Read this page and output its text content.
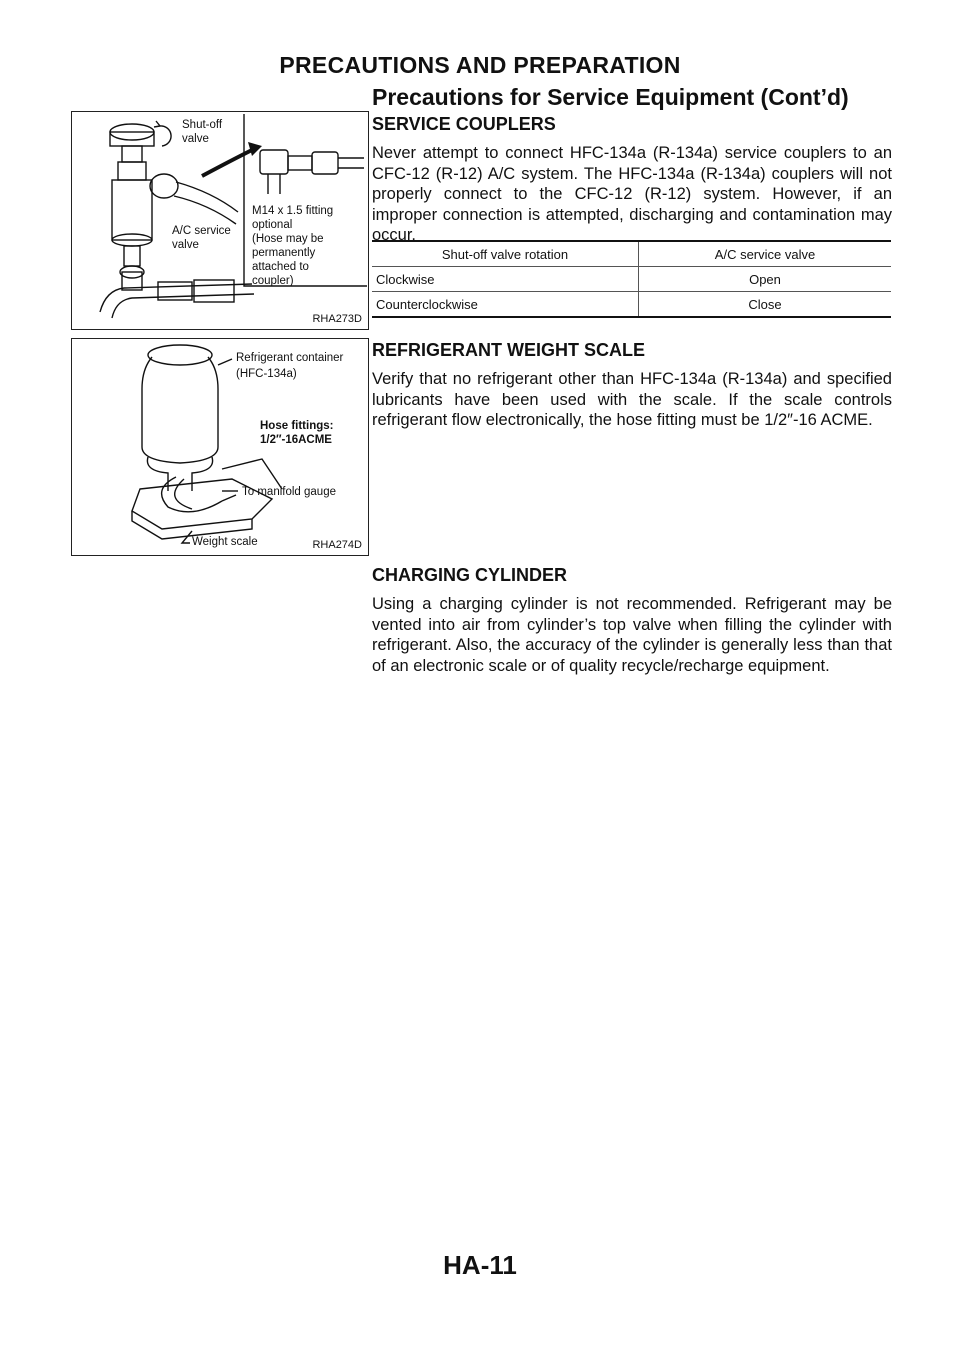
PRECAUTIONS AND PREPARATION
Precautions for Service Equipment (Cont’d)
Shut-off
valve
A/C service
valve
M14 x 1.5 fitting
optional
(Hose may be
permanently
attached to
coupler)
RHA273D
Refrigerant container
(HFC-134a)
Hose fittings:
1/2″-16ACME
To manifold gauge
Weight scale	RHA274D
SERVICE COUPLERS

Never attempt to connect HFC-134a (R-134a) service couplers to an CFC-12 (R-12) A/C system. The HFC-134a (R-134a) couplers will not properly connect to the CFC-12 (R-12) system. However, if an improper connection is attempted, discharging and contamination may occur.

Shut-off valve rotation	A/C service valve
Clockwise	Open
Counterclockwise	Close
REFRIGERANT WEIGHT SCALE

Verify that no refrigerant other than HFC-134a (R-134a) and specified lubricants have been used with the scale. If the scale controls refrigerant flow electronically, the hose fitting must be 1/2″-16 ACME.

CHARGING CYLINDER

Using a charging cylinder is not recommended. Refrigerant may be vented into air from cylinder’s top valve when filling the cylinder with refrigerant. Also, the accuracy of the cylinder is generally less than that of an electronic scale or of quality recycle/recharge equipment.

HA-11
